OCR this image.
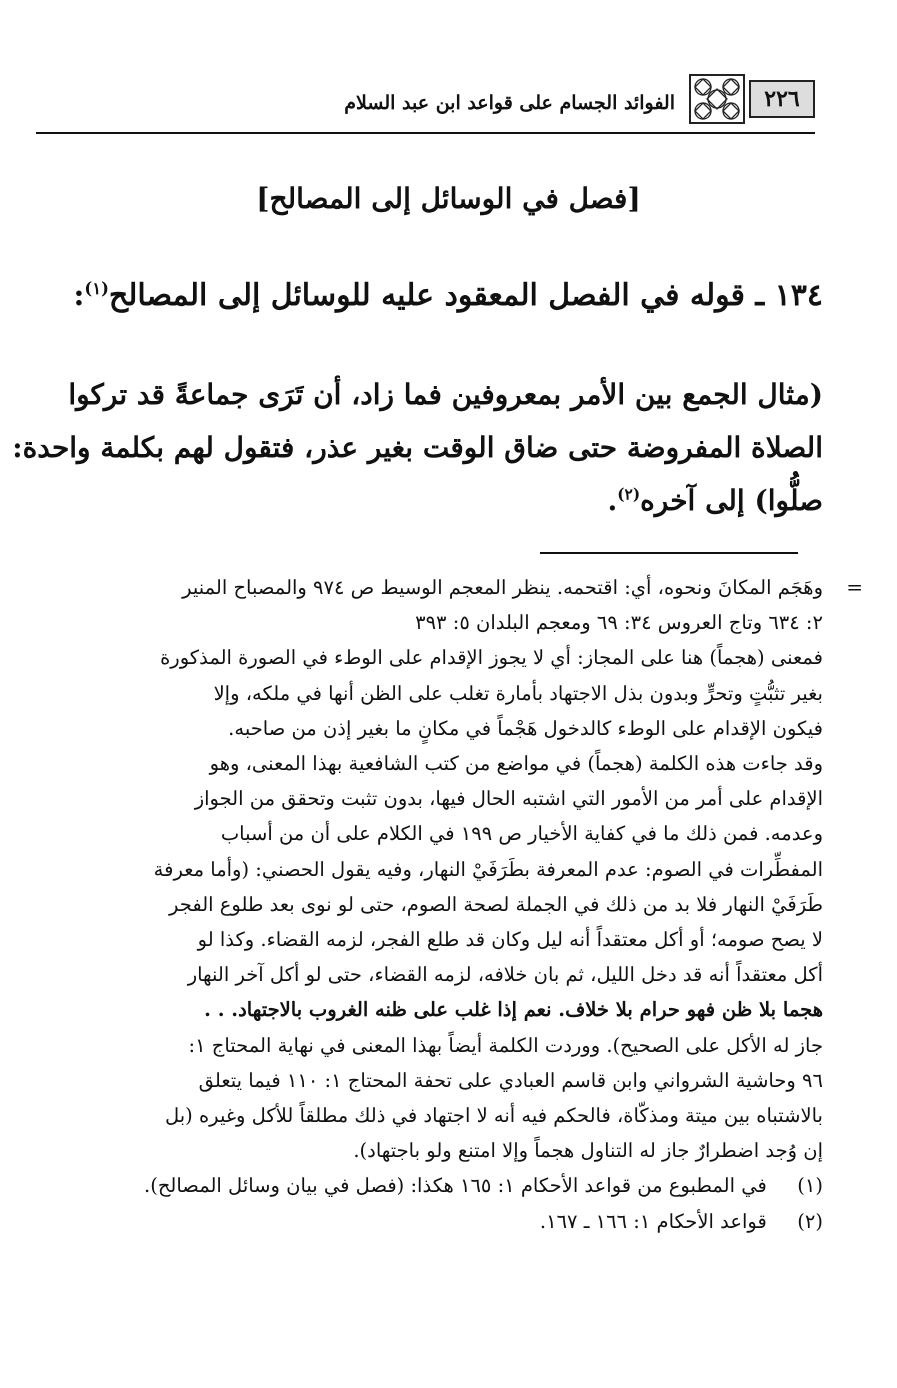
٢٢٦
الفوائد الجسام على قواعد ابن عبد السلام
[فصل في الوسائل إلى المصالح]
١٣٤ ـ قوله في الفصل المعقود عليه للوسائل إلى المصالح$^{(١)}$:
(مثال الجمع بين الأمر بمعروفين فما زاد، أن تَرَى جماعةً قد تركوا
الصلاة المفروضة حتى ضاق الوقت بغير عذر، فتقول لهم بكلمة واحدة:
صلُّوا) إلى آخره$^{(٢)}$.
=
وهَجَم المكانَ ونحوه، أي: اقتحمه. ينظر المعجم الوسيط ص ٩٧٤ والمصباح المنير
٢: ٦٣٤ وتاج العروس ٣٤: ٦٩ ومعجم البلدان ٥: ٣٩٣
فمعنى (هجماً) هنا على المجاز: أي لا يجوز الإقدام على الوطء في الصورة المذكورة
بغير تثبُّتٍ وتحرٍّ وبدون بذل الاجتهاد بأمارة تغلب على الظن أنها في ملكه، وإلا
فيكون الإقدام على الوطء كالدخول هَجْماً في مكانٍ ما بغير إذن من صاحبه.
وقد جاءت هذه الكلمة (هجماً) في مواضع من كتب الشافعية بهذا المعنى، وهو
الإقدام على أمر من الأمور التي اشتبه الحال فيها، بدون تثبت وتحقق من الجواز
وعدمه. فمن ذلك ما في كفاية الأخيار ص ١٩٩ في الكلام على أن من أسباب
المفطِّرات في الصوم: عدم المعرفة بطَرَفَيْ النهار، وفيه يقول الحصني: (وأما معرفة
طَرَفَيْ النهار فلا بد من ذلك في الجملة لصحة الصوم، حتى لو نوى بعد طلوع الفجر
لا يصح صومه؛ أو أكل معتقداً أنه ليل وكان قد طلع الفجر، لزمه القضاء. وكذا لو
أكل معتقداً أنه قد دخل الليل، ثم بان خلافه، لزمه القضاء، حتى لو أكل آخر النهار
هجما بلا ظن فهو حرام بلا خلاف. نعم إذا غلب على ظنه الغروب بالاجتهاد. . .
جاز له الأكل على الصحيح). ووردت الكلمة أيضاً بهذا المعنى في نهاية المحتاج ١:
٩٦ وحاشية الشرواني وابن قاسم العبادي على تحفة المحتاج ١: ١١٠ فيما يتعلق
بالاشتباه بين ميتة ومذكّاة، فالحكم فيه أنه لا اجتهاد في ذلك مطلقاً للأكل وغيره (بل
إن وُجد اضطرارٌ جاز له التناول هجماً وإلا امتنع ولو باجتهاد).
(١) في المطبوع من قواعد الأحكام ١: ١٦٥ هكذا: (فصل في بيان وسائل المصالح).
(٢) قواعد الأحكام ١: ١٦٦ ـ ١٦٧.
